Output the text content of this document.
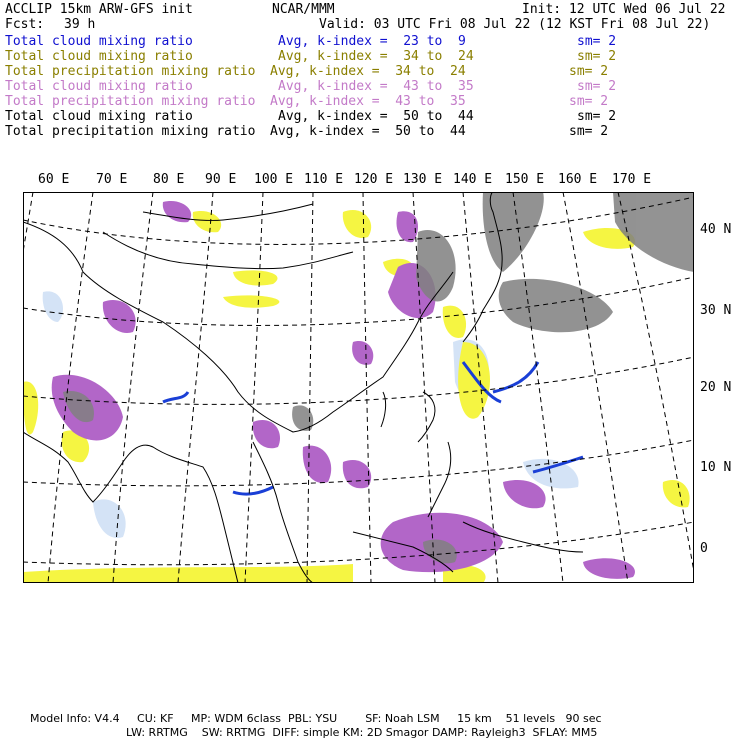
ACCLIP 15km ARW-GFS init	NCAR/MMM	Init: 12 UTC Wed 06 Jul 22
Fcst: 39 h	Valid: 03 UTC Fri 08 Jul 22 (12 KST Fri 08 Jul 22)
Total cloud mixing ratio	Avg, k-index =  23 to  9	sm= 2
Total cloud mixing ratio	Avg, k-index =  34 to  24	sm= 2
Total precipitation mixing ratio Avg, k-index =  34 to  24	sm= 2
Total cloud mixing ratio	Avg, k-index =  43 to  35	sm= 2
Total precipitation mixing ratio Avg, k-index =  43 to  35	sm= 2
Total cloud mixing ratio	Avg, k-index =  50 to  44	sm= 2
Total precipitation mixing ratio Avg, k-index =  50 to  44	sm= 2
60 E 70 E 80 E 90 E 100 E 110 E 120 E 130 E 140 E 150 E 160 E 170 E
40 N
30 N
20 N
10 N
0
Model Info: V4.4     CU: KF     MP: WDM 6class  PBL: YSU        SF: Noah LSM     15 km    51 levels   90 sec
LW: RRTMG    SW: RRTMG  DIFF: simple KM: 2D Smagor DAMP: Rayleigh3  SFLAY: MM5
